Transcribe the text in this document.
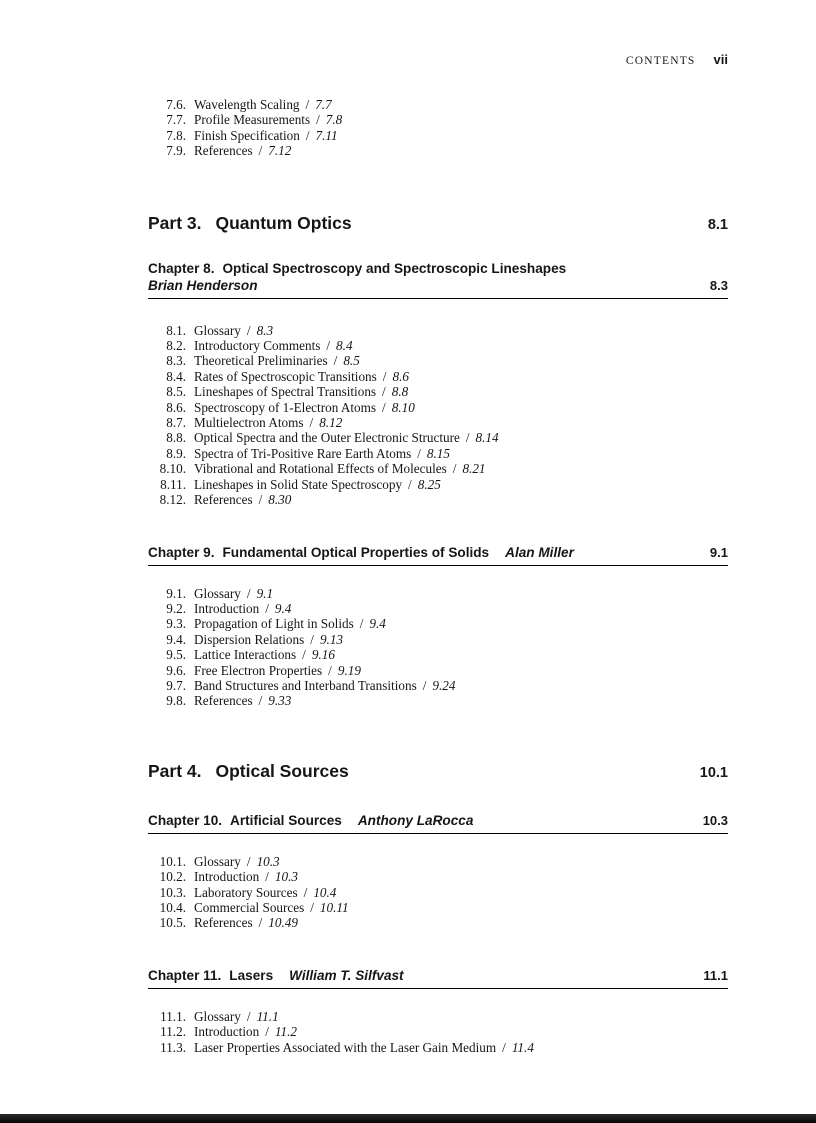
CONTENTS vii
7.6. Wavelength Scaling / 7.7
7.7. Profile Measurements / 7.8
7.8. Finish Specification / 7.11
7.9. References / 7.12
Part 3. Quantum Optics	8.1
Chapter 8. Optical Spectroscopy and Spectroscopic Lineshapes
Brian Henderson	8.3
8.1. Glossary / 8.3
8.2. Introductory Comments / 8.4
8.3. Theoretical Preliminaries / 8.5
8.4. Rates of Spectroscopic Transitions / 8.6
8.5. Lineshapes of Spectral Transitions / 8.8
8.6. Spectroscopy of 1-Electron Atoms / 8.10
8.7. Multielectron Atoms / 8.12
8.8. Optical Spectra and the Outer Electronic Structure / 8.14
8.9. Spectra of Tri-Positive Rare Earth Atoms / 8.15
8.10. Vibrational and Rotational Effects of Molecules / 8.21
8.11. Lineshapes in Solid State Spectroscopy / 8.25
8.12. References / 8.30
Chapter 9. Fundamental Optical Properties of Solids Alan Miller	9.1
9.1. Glossary / 9.1
9.2. Introduction / 9.4
9.3. Propagation of Light in Solids / 9.4
9.4. Dispersion Relations / 9.13
9.5. Lattice Interactions / 9.16
9.6. Free Electron Properties / 9.19
9.7. Band Structures and Interband Transitions / 9.24
9.8. References / 9.33
Part 4. Optical Sources	10.1
Chapter 10. Artificial Sources Anthony LaRocca	10.3
10.1. Glossary / 10.3
10.2. Introduction / 10.3
10.3. Laboratory Sources / 10.4
10.4. Commercial Sources / 10.11
10.5. References / 10.49
Chapter 11. Lasers William T. Silfvast	11.1
11.1. Glossary / 11.1
11.2. Introduction / 11.2
11.3. Laser Properties Associated with the Laser Gain Medium / 11.4
